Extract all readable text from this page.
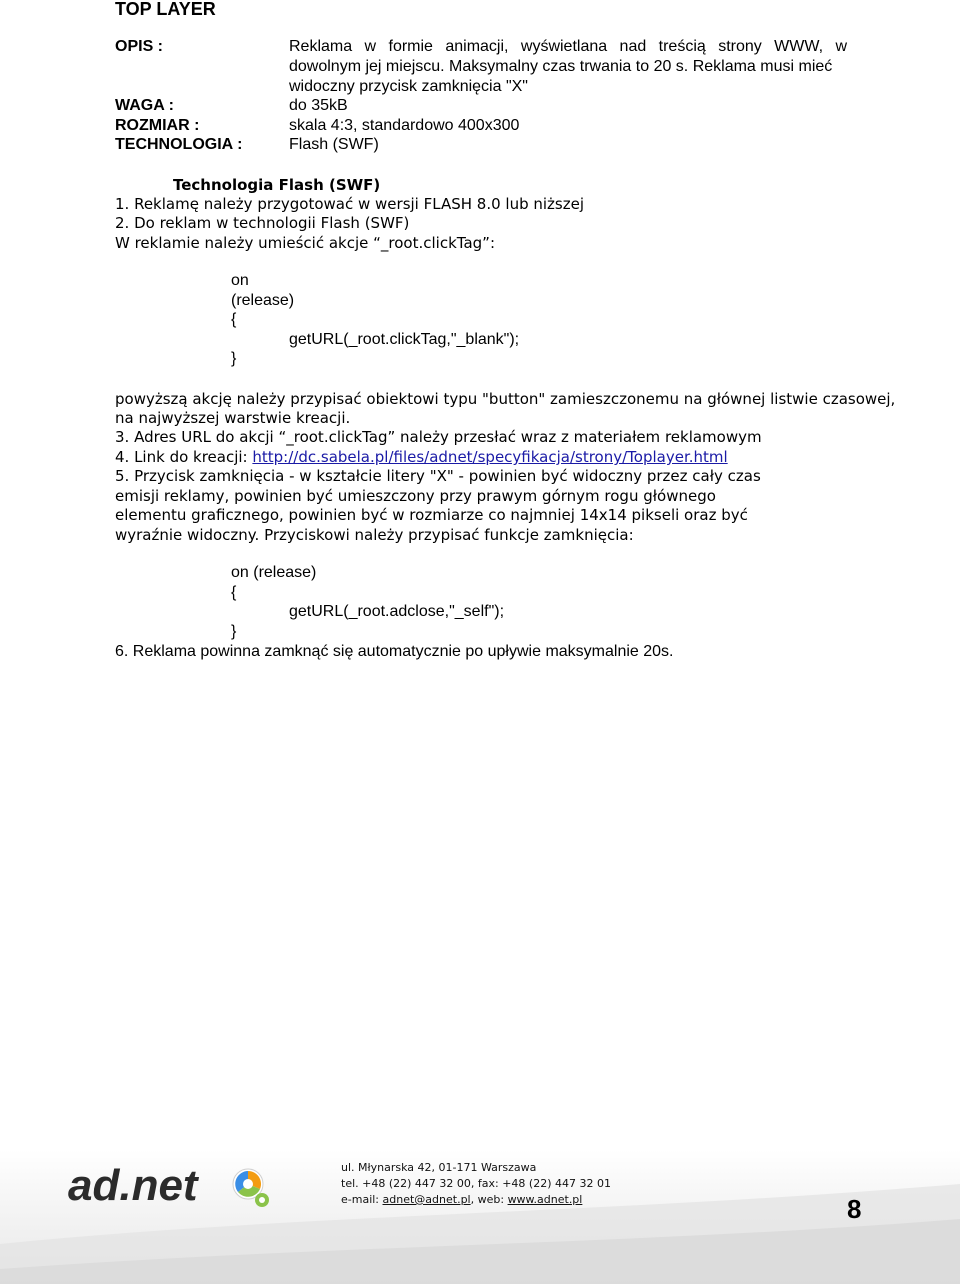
TOP LAYER
OPIS :	Reklama w formie animacji, wyświetlana nad treścią strony WWW, w
dowolnym jej miejscu. Maksymalny czas trwania to 20 s. Reklama musi mieć
widoczny przycisk zamknięcia "X"
WAGA :	do 35kB
ROZMIAR :	skala 4:3, standardowo 400x300
TECHNOLOGIA :	Flash (SWF)
Technologia Flash (SWF)
1. Reklamę należy przygotować w wersji FLASH 8.0 lub niższej
2. Do reklam w technologii Flash (SWF)
W reklamie należy umieścić akcje “_root.clickTag”:
on
(release)
{
getURL(_root.clickTag,"_blank");
}
powyższą akcję należy przypisać obiektowi typu "button" zamieszczonemu na głównej listwie czasowej,
na najwyższej warstwie kreacji.
3. Adres URL do akcji “_root.clickTag” należy przesłać wraz z materiałem reklamowym
4. Link do kreacji: http://dc.sabela.pl/files/adnet/specyfikacja/strony/Toplayer.html
5. Przycisk zamknięcia - w kształcie litery "X" - powinien być widoczny przez cały czas
emisji reklamy, powinien być umieszczony przy prawym górnym rogu głównego
elementu graficznego, powinien być w rozmiarze co najmniej 14x14 pikseli oraz być
wyraźnie widoczny. Przyciskowi należy przypisać funkcje zamknięcia:
on (release)
{
getURL(_root.adclose,"_self");
}
6. Reklama powinna zamknąć się automatycznie po upływie maksymalnie 20s.
ad.net	ul. Młynarska 42, 01-171 Warszawa
tel. +48 (22) 447 32 00, fax: +48 (22) 447 32 01
e-mail: adnet@adnet.pl, web: www.adnet.pl	8
